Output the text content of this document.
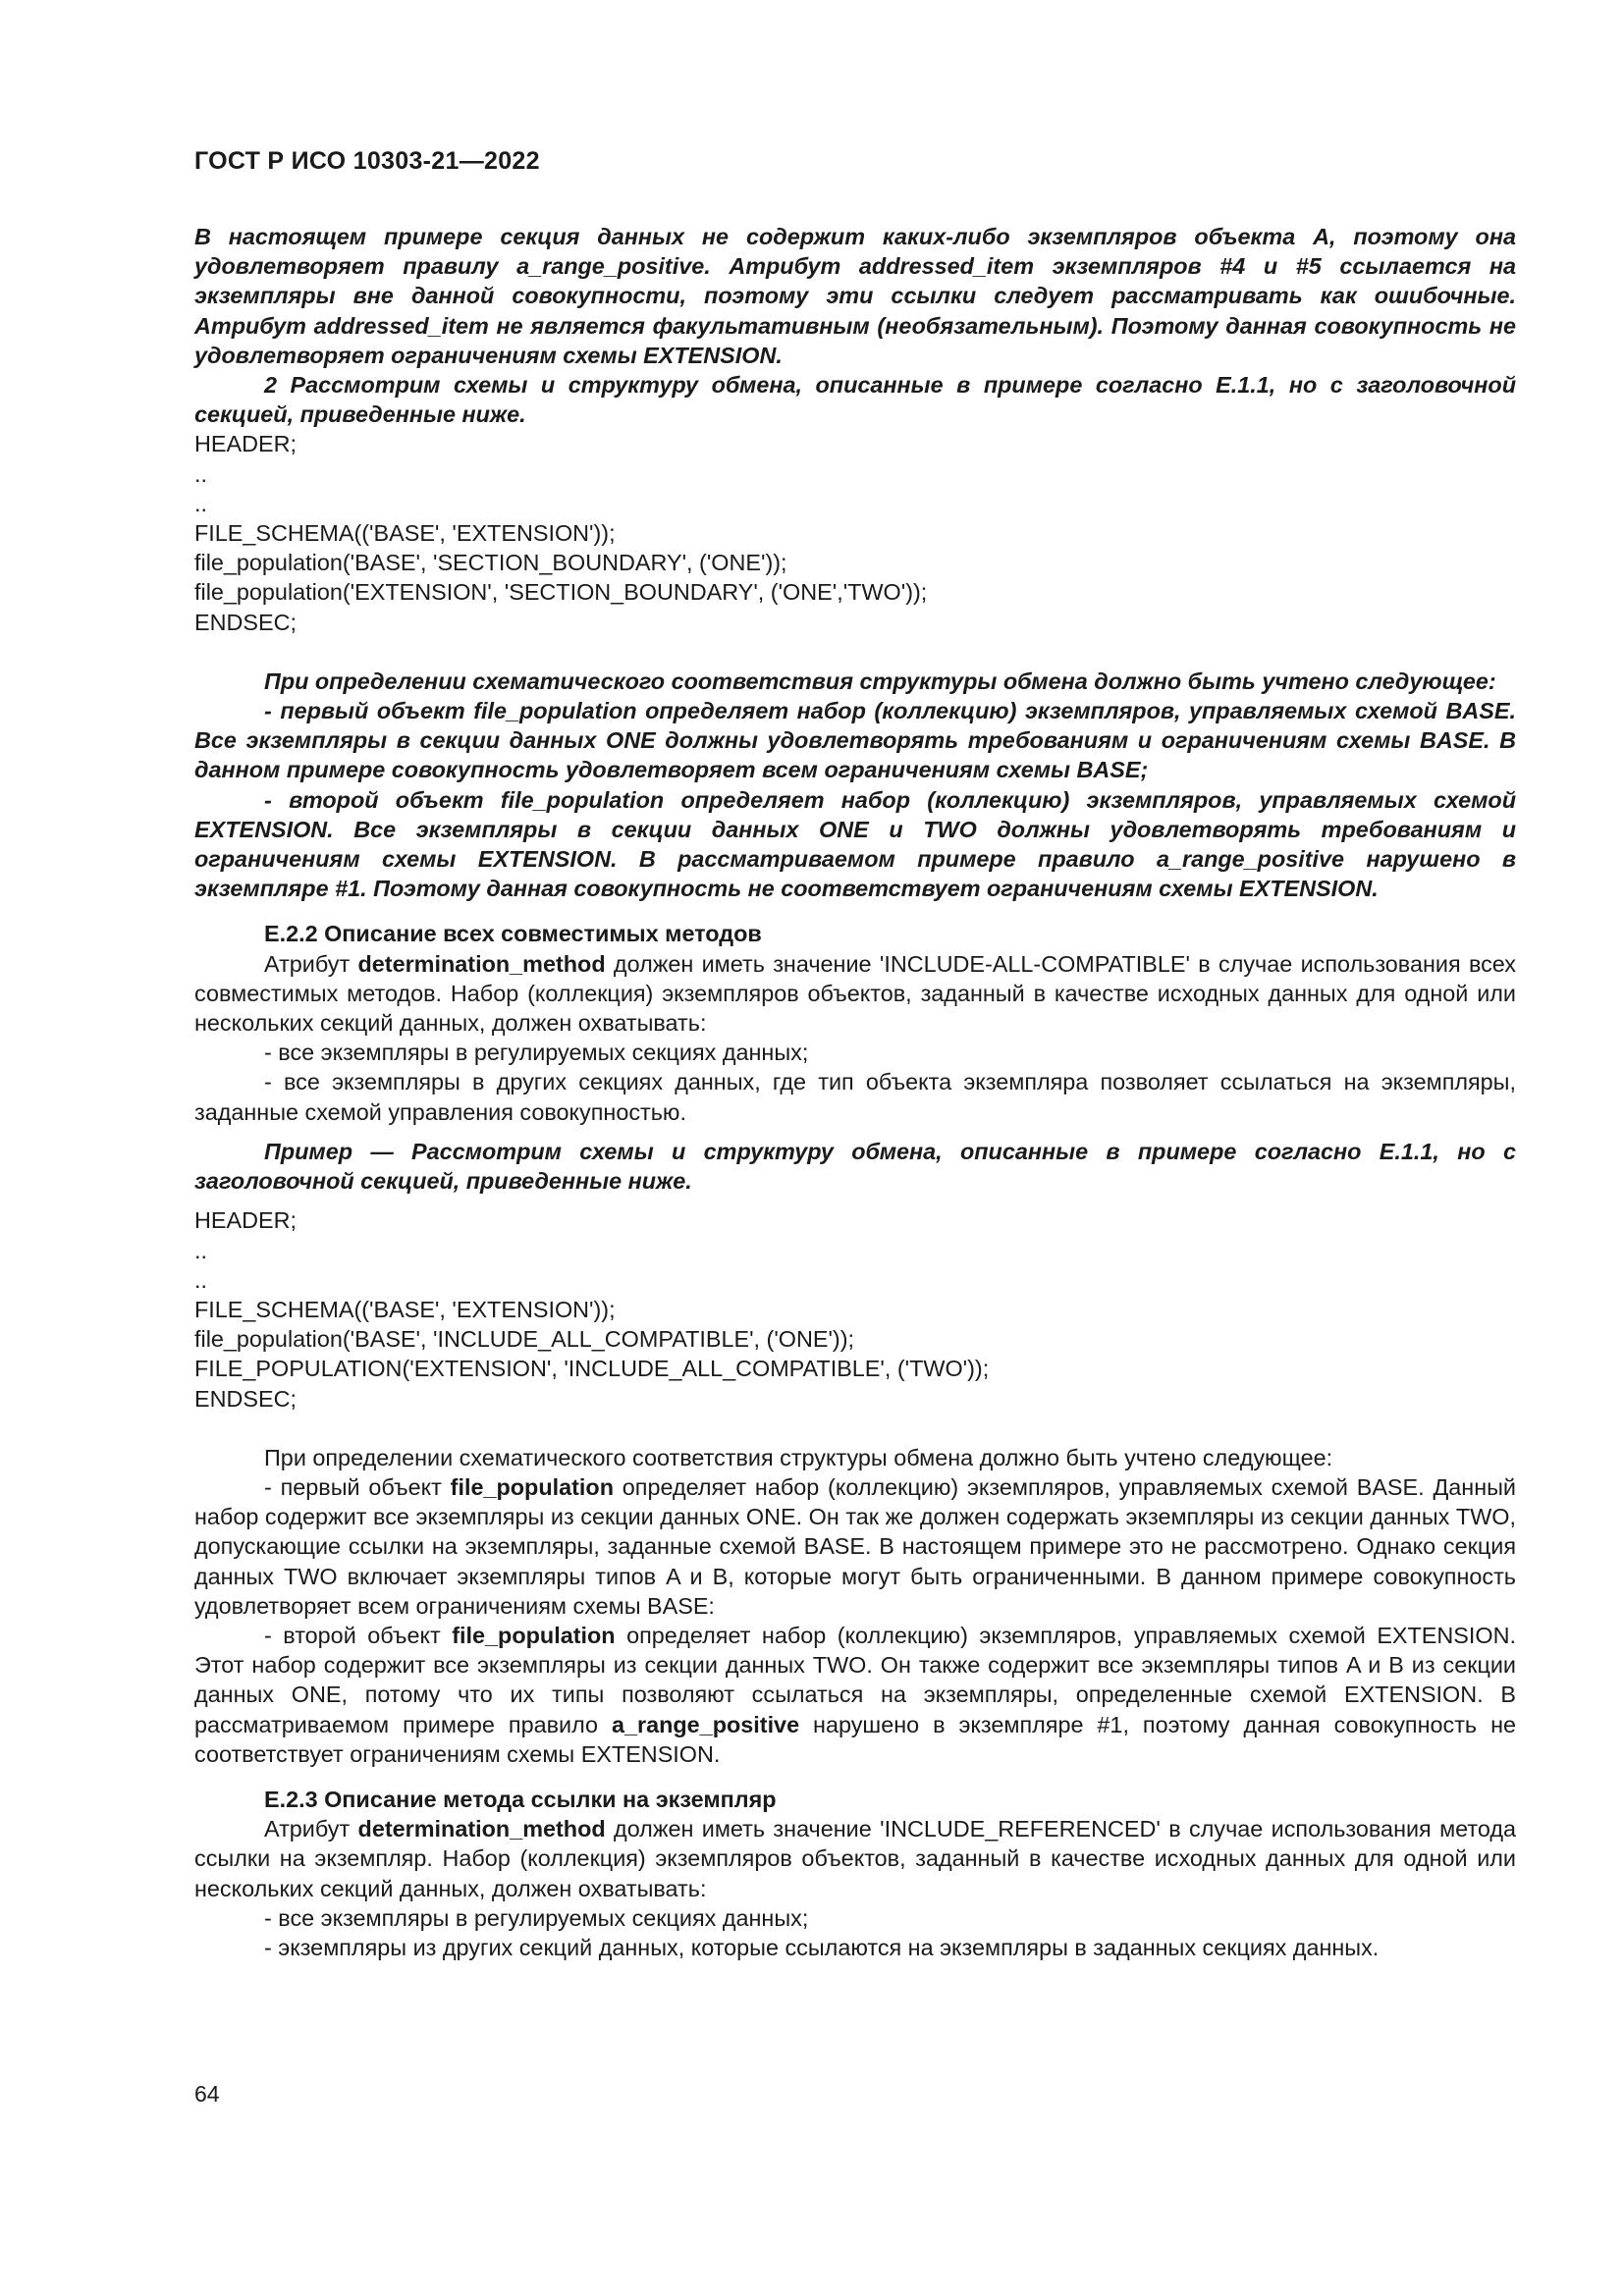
ГОСТ Р ИСО 10303-21—2022

В настоящем примере секция данных не содержит каких-либо экземпляров объекта A, поэтому она удовлетворяет правилу a_range_positive. Атрибут addressed_item экземпляров #4 и #5 ссылается на экземпляры вне данной совокупности, поэтому эти ссылки следует рассматривать как ошибочные. Атрибут addressed_item не является факультативным (необязательным). Поэтому данная совокупность не удовлетворяет ограничениям схемы EXTENSION.

2 Рассмотрим схемы и структуру обмена, описанные в примере согласно E.1.1, но с заголовочной секцией, приведенные ниже.

HEADER;
..
..
FILE_SCHEMA(('BASE', 'EXTENSION'));
file_population('BASE', 'SECTION_BOUNDARY', ('ONE'));
file_population('EXTENSION', 'SECTION_BOUNDARY', ('ONE','TWO'));
ENDSEC;

При определении схематического соответствия структуры обмена должно быть учтено следующее:

- первый объект file_population определяет набор (коллекцию) экземпляров, управляемых схемой BASE. Все экземпляры в секции данных ONE должны удовлетворять требованиям и ограничениям схемы BASE. В данном примере совокупность удовлетворяет всем ограничениям схемы BASE;

- второй объект file_population определяет набор (коллекцию) экземпляров, управляемых схемой EXTENSION. Все экземпляры в секции данных ONE и TWO должны удовлетворять требованиям и ограничениям схемы EXTENSION. В рассматриваемом примере правило a_range_positive нарушено в экземпляре #1. Поэтому данная совокупность не соответствует ограничениям схемы EXTENSION.

E.2.2 Описание всех совместимых методов

Атрибут determination_method должен иметь значение 'INCLUDE-ALL-COMPATIBLE' в случае использования всех совместимых методов. Набор (коллекция) экземпляров объектов, заданный в качестве исходных данных для одной или нескольких секций данных, должен охватывать:

- все экземпляры в регулируемых секциях данных;

- все экземпляры в других секциях данных, где тип объекта экземпляра позволяет ссылаться на экземпляры, заданные схемой управления совокупностью.

Пример — Рассмотрим схемы и структуру обмена, описанные в примере согласно E.1.1, но с заголовочной секцией, приведенные ниже.

HEADER;
..
..
FILE_SCHEMA(('BASE', 'EXTENSION'));
file_population('BASE', 'INCLUDE_ALL_COMPATIBLE', ('ONE'));
FILE_POPULATION('EXTENSION', 'INCLUDE_ALL_COMPATIBLE', ('TWO'));
ENDSEC;

При определении схематического соответствия структуры обмена должно быть учтено следующее:

- первый объект file_population определяет набор (коллекцию) экземпляров, управляемых схемой BASE. Данный набор содержит все экземпляры из секции данных ONE. Он так же должен содержать экземпляры из секции данных TWO, допускающие ссылки на экземпляры, заданные схемой BASE. В настоящем примере это не рассмотрено. Однако секция данных TWO включает экземпляры типов A и B, которые могут быть ограниченными. В данном примере совокупность удовлетворяет всем ограничениям схемы BASE:

- второй объект file_population определяет набор (коллекцию) экземпляров, управляемых схемой EXTENSION. Этот набор содержит все экземпляры из секции данных TWO. Он также содержит все экземпляры типов A и B из секции данных ONE, потому что их типы позволяют ссылаться на экземпляры, определенные схемой EXTENSION. В рассматриваемом примере правило a_range_positive нарушено в экземпляре #1, поэтому данная совокупность не соответствует ограничениям схемы EXTENSION.

E.2.3 Описание метода ссылки на экземпляр

Атрибут determination_method должен иметь значение 'INCLUDE_REFERENCED' в случае использования метода ссылки на экземпляр. Набор (коллекция) экземпляров объектов, заданный в качестве исходных данных для одной или нескольких секций данных, должен охватывать:

- все экземпляры в регулируемых секциях данных;

- экземпляры из других секций данных, которые ссылаются на экземпляры в заданных секциях данных.

64
